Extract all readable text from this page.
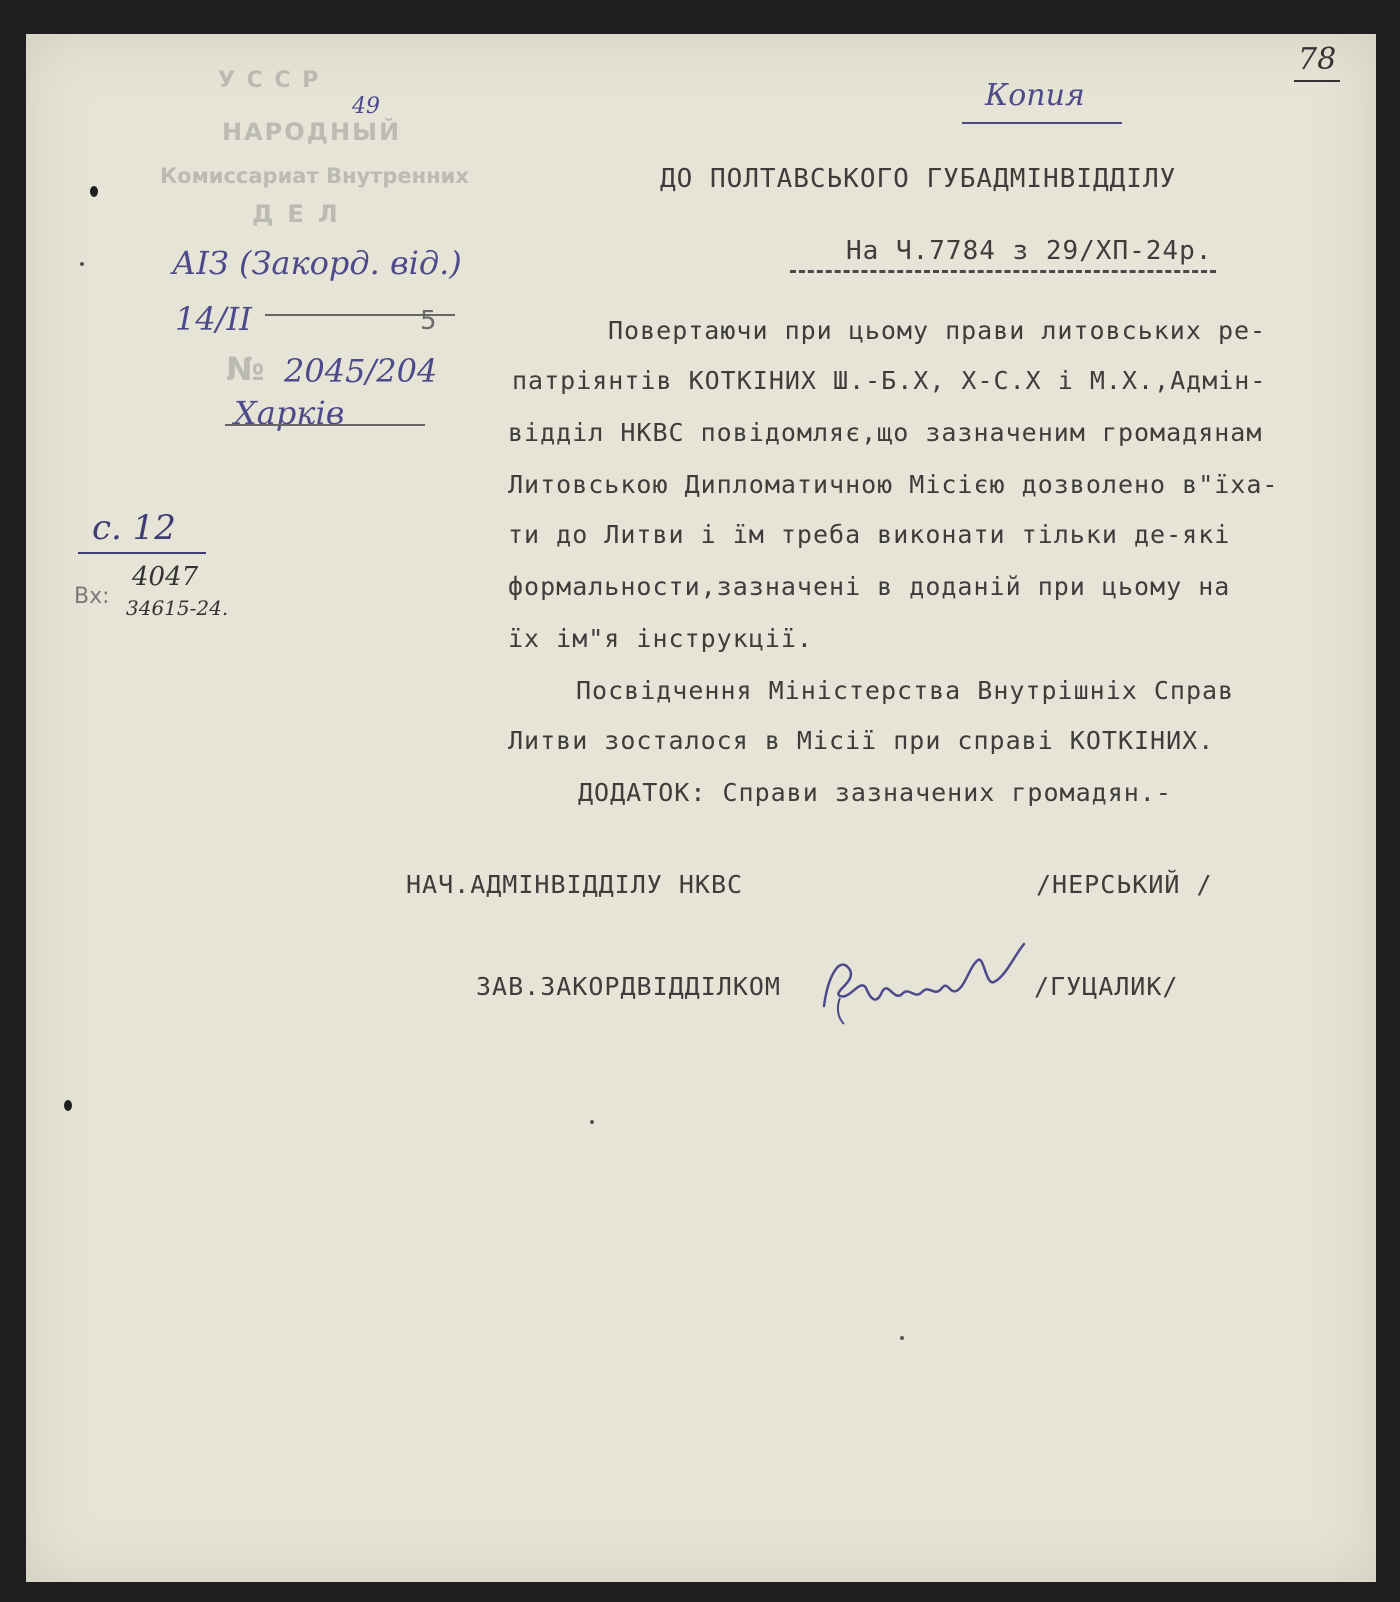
78
Копия
У С С Р
НАРОДНЫЙ
Комиссариат Внутренних
ДЕЛ
№
5
49
АІЗ (Закорд. від.)
14/ІІ
2045/204
Харків
с. 12
Вх:
4047
34615-24.
ДО ПОЛТАВСЬКОГО ГУБАДМІНВІДДІЛУ
На Ч.7784 з 29/ХП-24р.
Повертаючи при цьому прави литовських ре-
патріянтів КОТКІНИХ Ш.-Б.Х, Х-С.Х і М.Х.,Адмін-
відділ НКВС повідомляє,що зазначеним громадянам
Литовською Дипломатичною Місією дозволено в"їха-
ти до Литви і їм треба виконати тільки де-які
формальности,зазначені в доданій при цьому на
їх ім"я інструкції.
Посвідчення Міністерства Внутрішніх Справ
Литви зосталося в Місії при справі КОТКІНИХ.
ДОДАТОК: Справи зазначених громадян.-
НАЧ.АДМІНВІДДІЛУ НКВС	/НЕРСЬКИЙ /
ЗАВ.ЗАКОРДВІДДІЛКОМ	/ГУЦАЛИК/
